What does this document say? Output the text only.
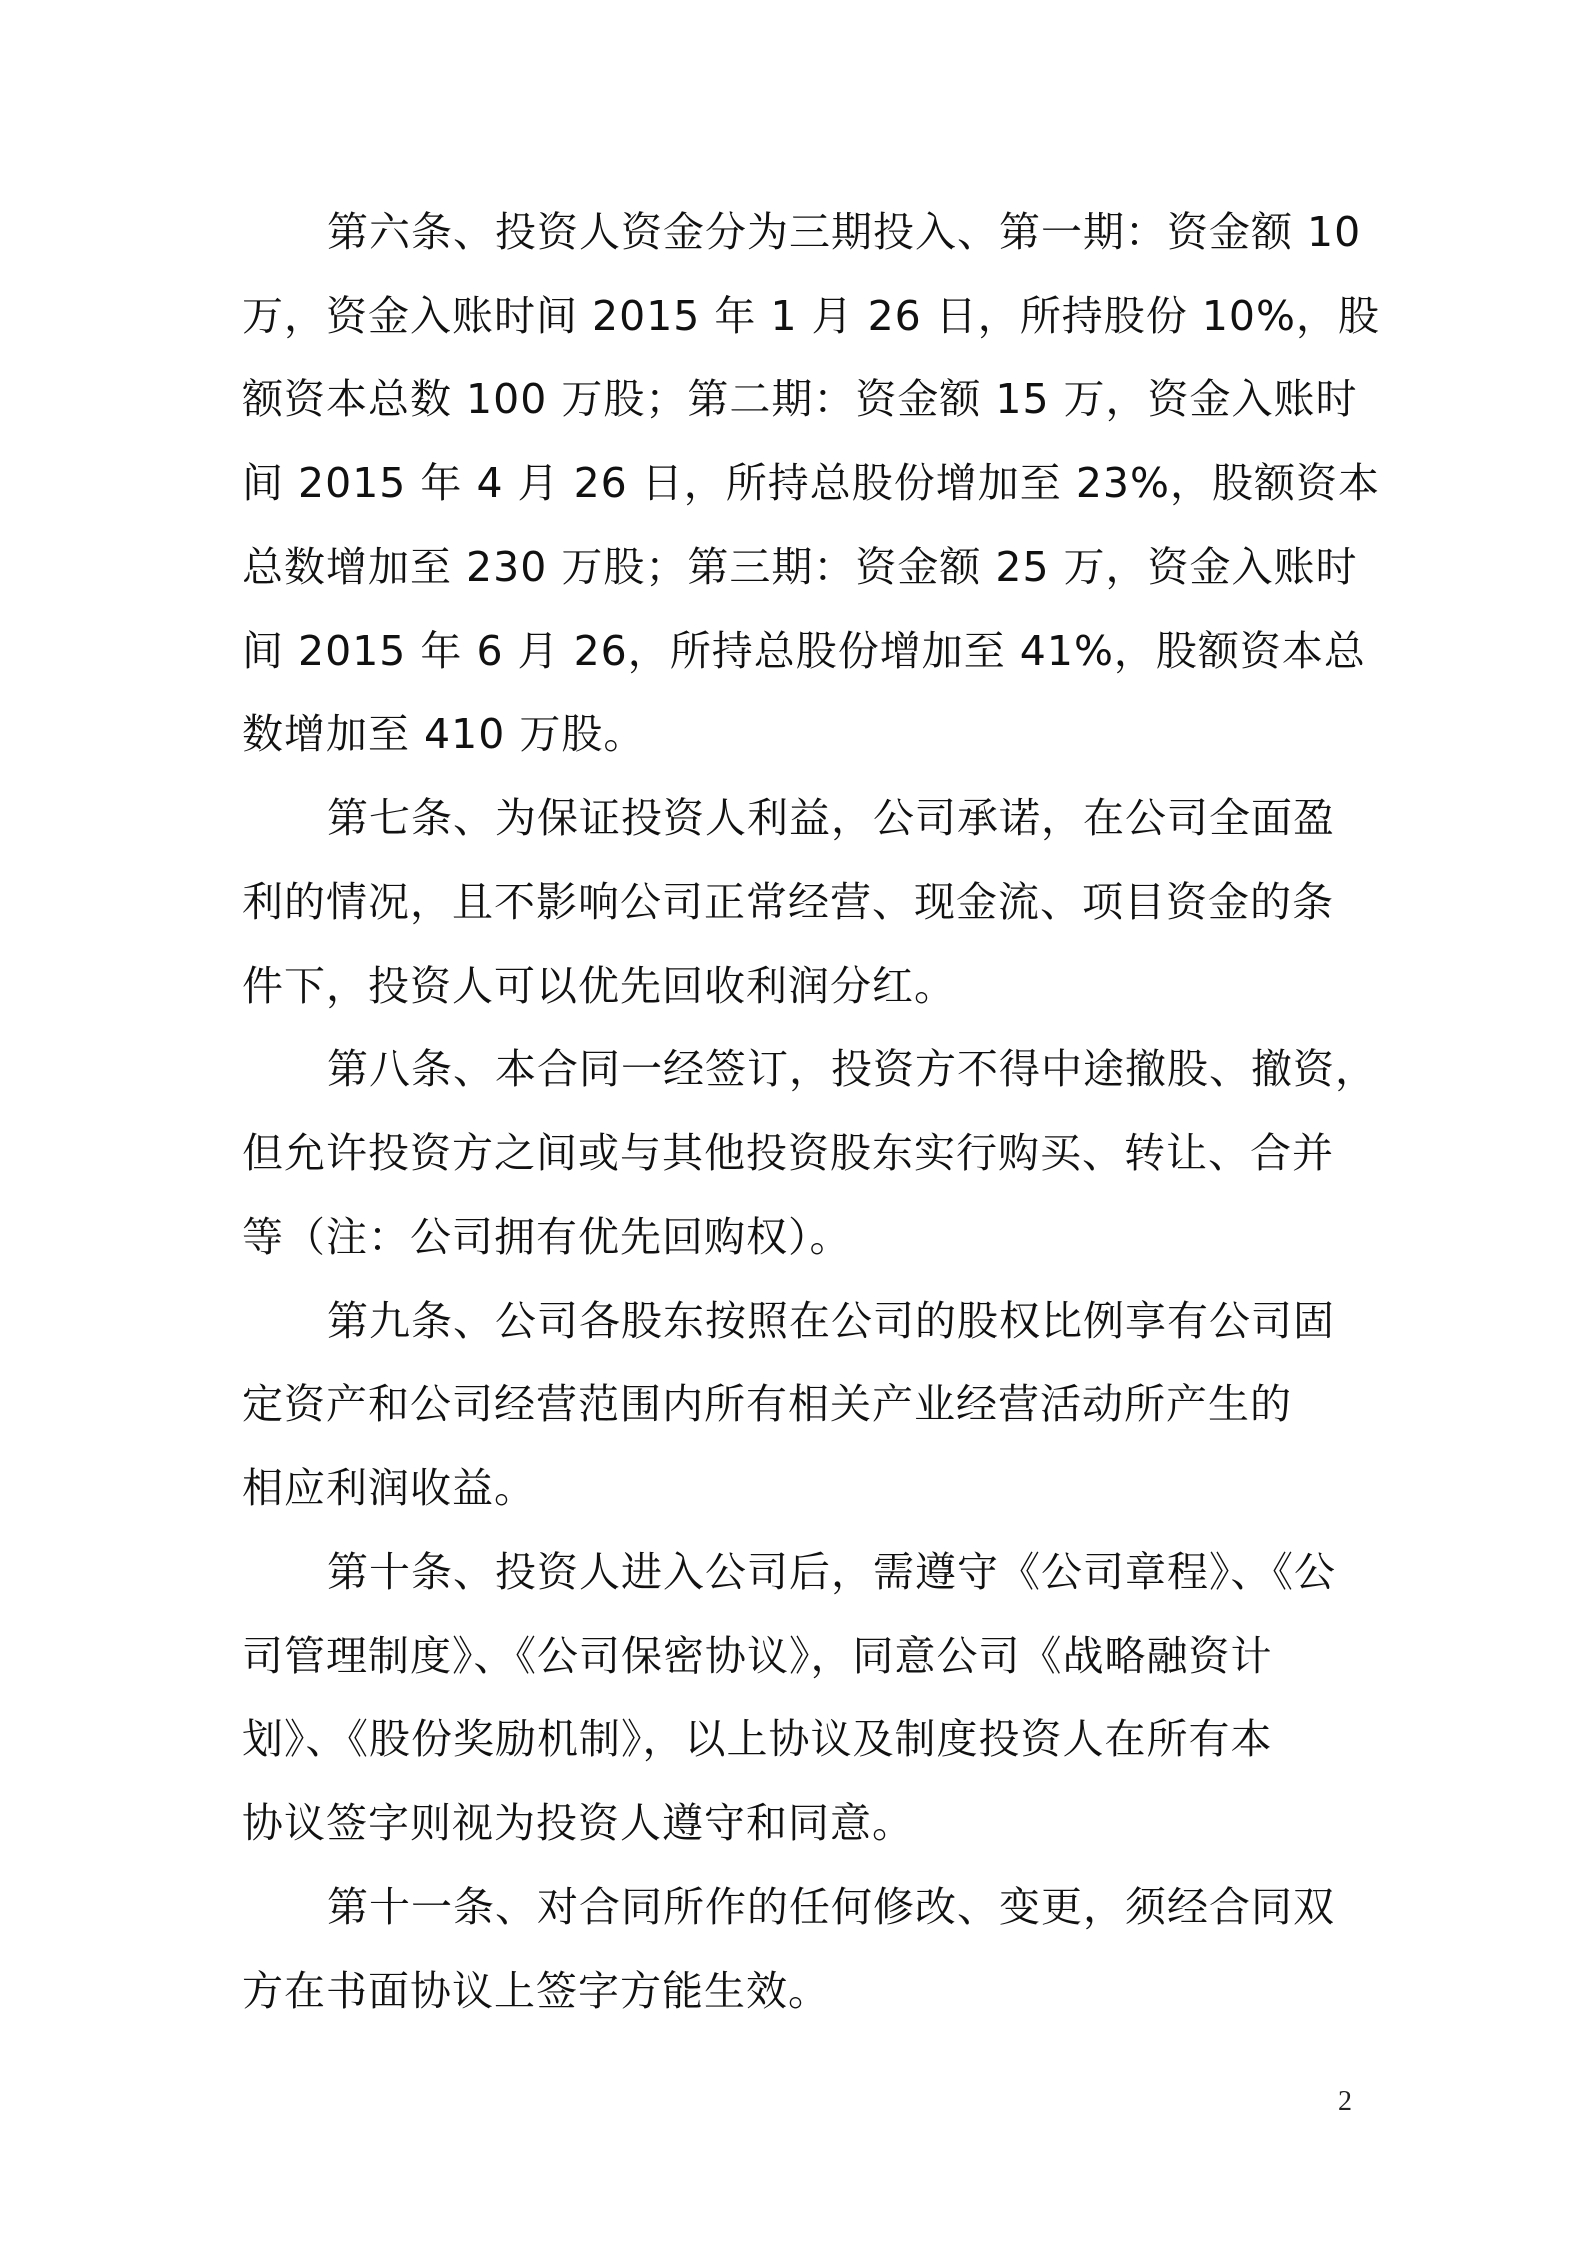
第六条、投资人资金分为三期投入、第一期：资金额 10
万，资金入账时间 2015 年 1 月 26 日，所持股份 10%，股
额资本总数 100 万股；第二期：资金额 15 万，资金入账时
间 2015 年 4 月 26 日，所持总股份增加至 23%，股额资本
总数增加至 230 万股；第三期：资金额 25 万，资金入账时
间 2015 年 6 月 26，所持总股份增加至 41%，股额资本总
数增加至 410 万股。
第七条、为保证投资人利益，公司承诺，在公司全面盈
利的情况，且不影响公司正常经营、现金流、项目资金的条
件下，投资人可以优先回收利润分红。
第八条、本合同一经签订，投资方不得中途撤股、撤资，
但允许投资方之间或与其他投资股东实行购买、转让、合并
等（注：公司拥有优先回购权）。
第九条、公司各股东按照在公司的股权比例享有公司固
定资产和公司经营范围内所有相关产业经营活动所产生的
相应利润收益。
第十条、投资人进入公司后，需遵守《公司章程》、《公
司管理制度》、《公司保密协议》，同意公司《战略融资计
划》、《股份奖励机制》，以上协议及制度投资人在所有本
协议签字则视为投资人遵守和同意。
第十一条、对合同所作的任何修改、变更，须经合同双
方在书面协议上签字方能生效。
2
